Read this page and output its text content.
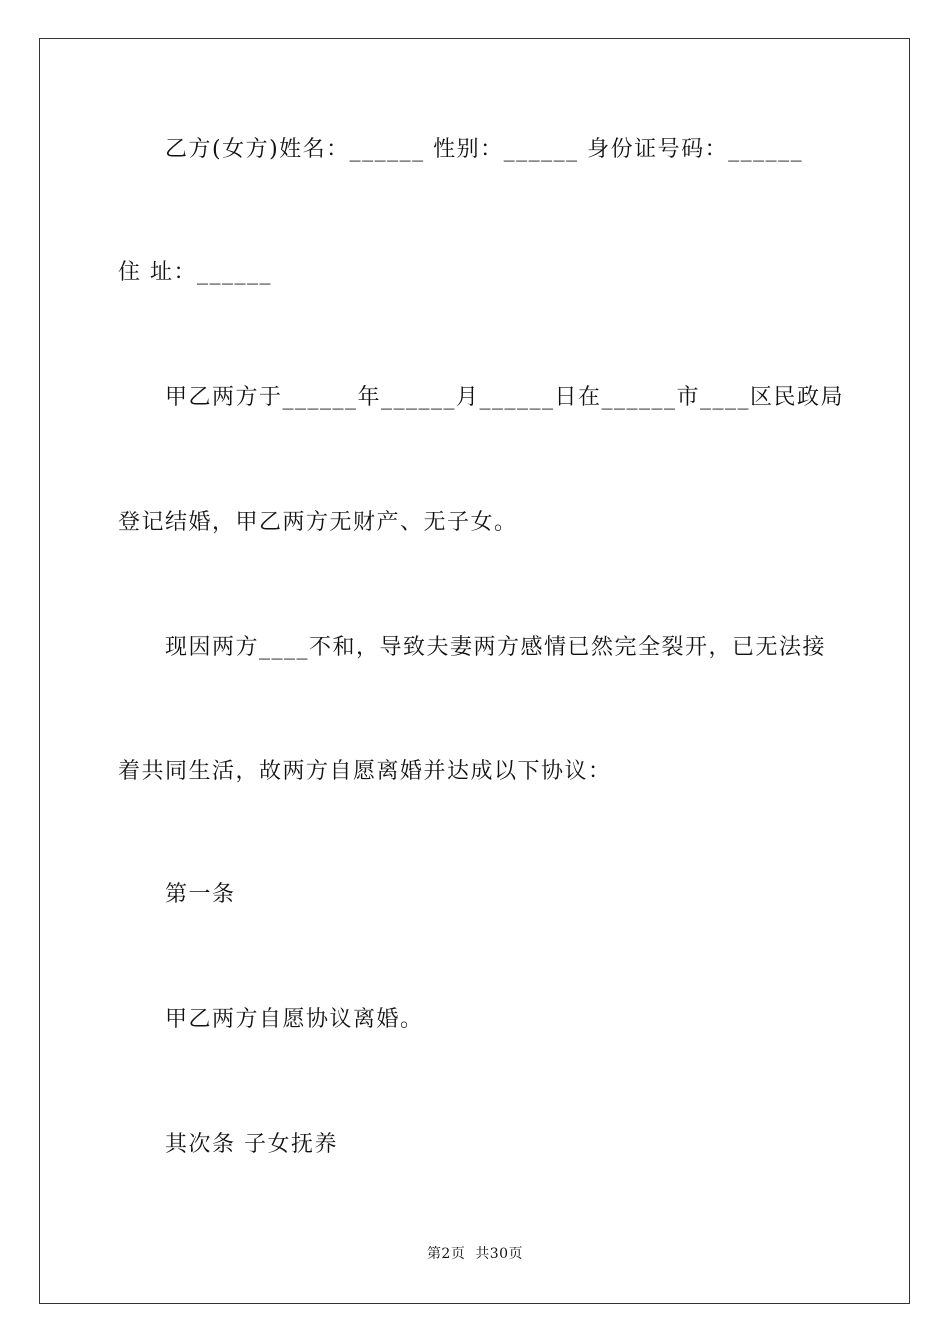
乙方(女方)姓名：______ 性别：______ 身份证号码：______
住 址：______
甲乙两方于______年______月______日在______市____区民政局
登记结婚，甲乙两方无财产、无子女。
现因两方____不和，导致夫妻两方感情已然完全裂开，已无法接
着共同生活，故两方自愿离婚并达成以下协议：
第一条
甲乙两方自愿协议离婚。
其次条 子女抚养
第2页  共30页
